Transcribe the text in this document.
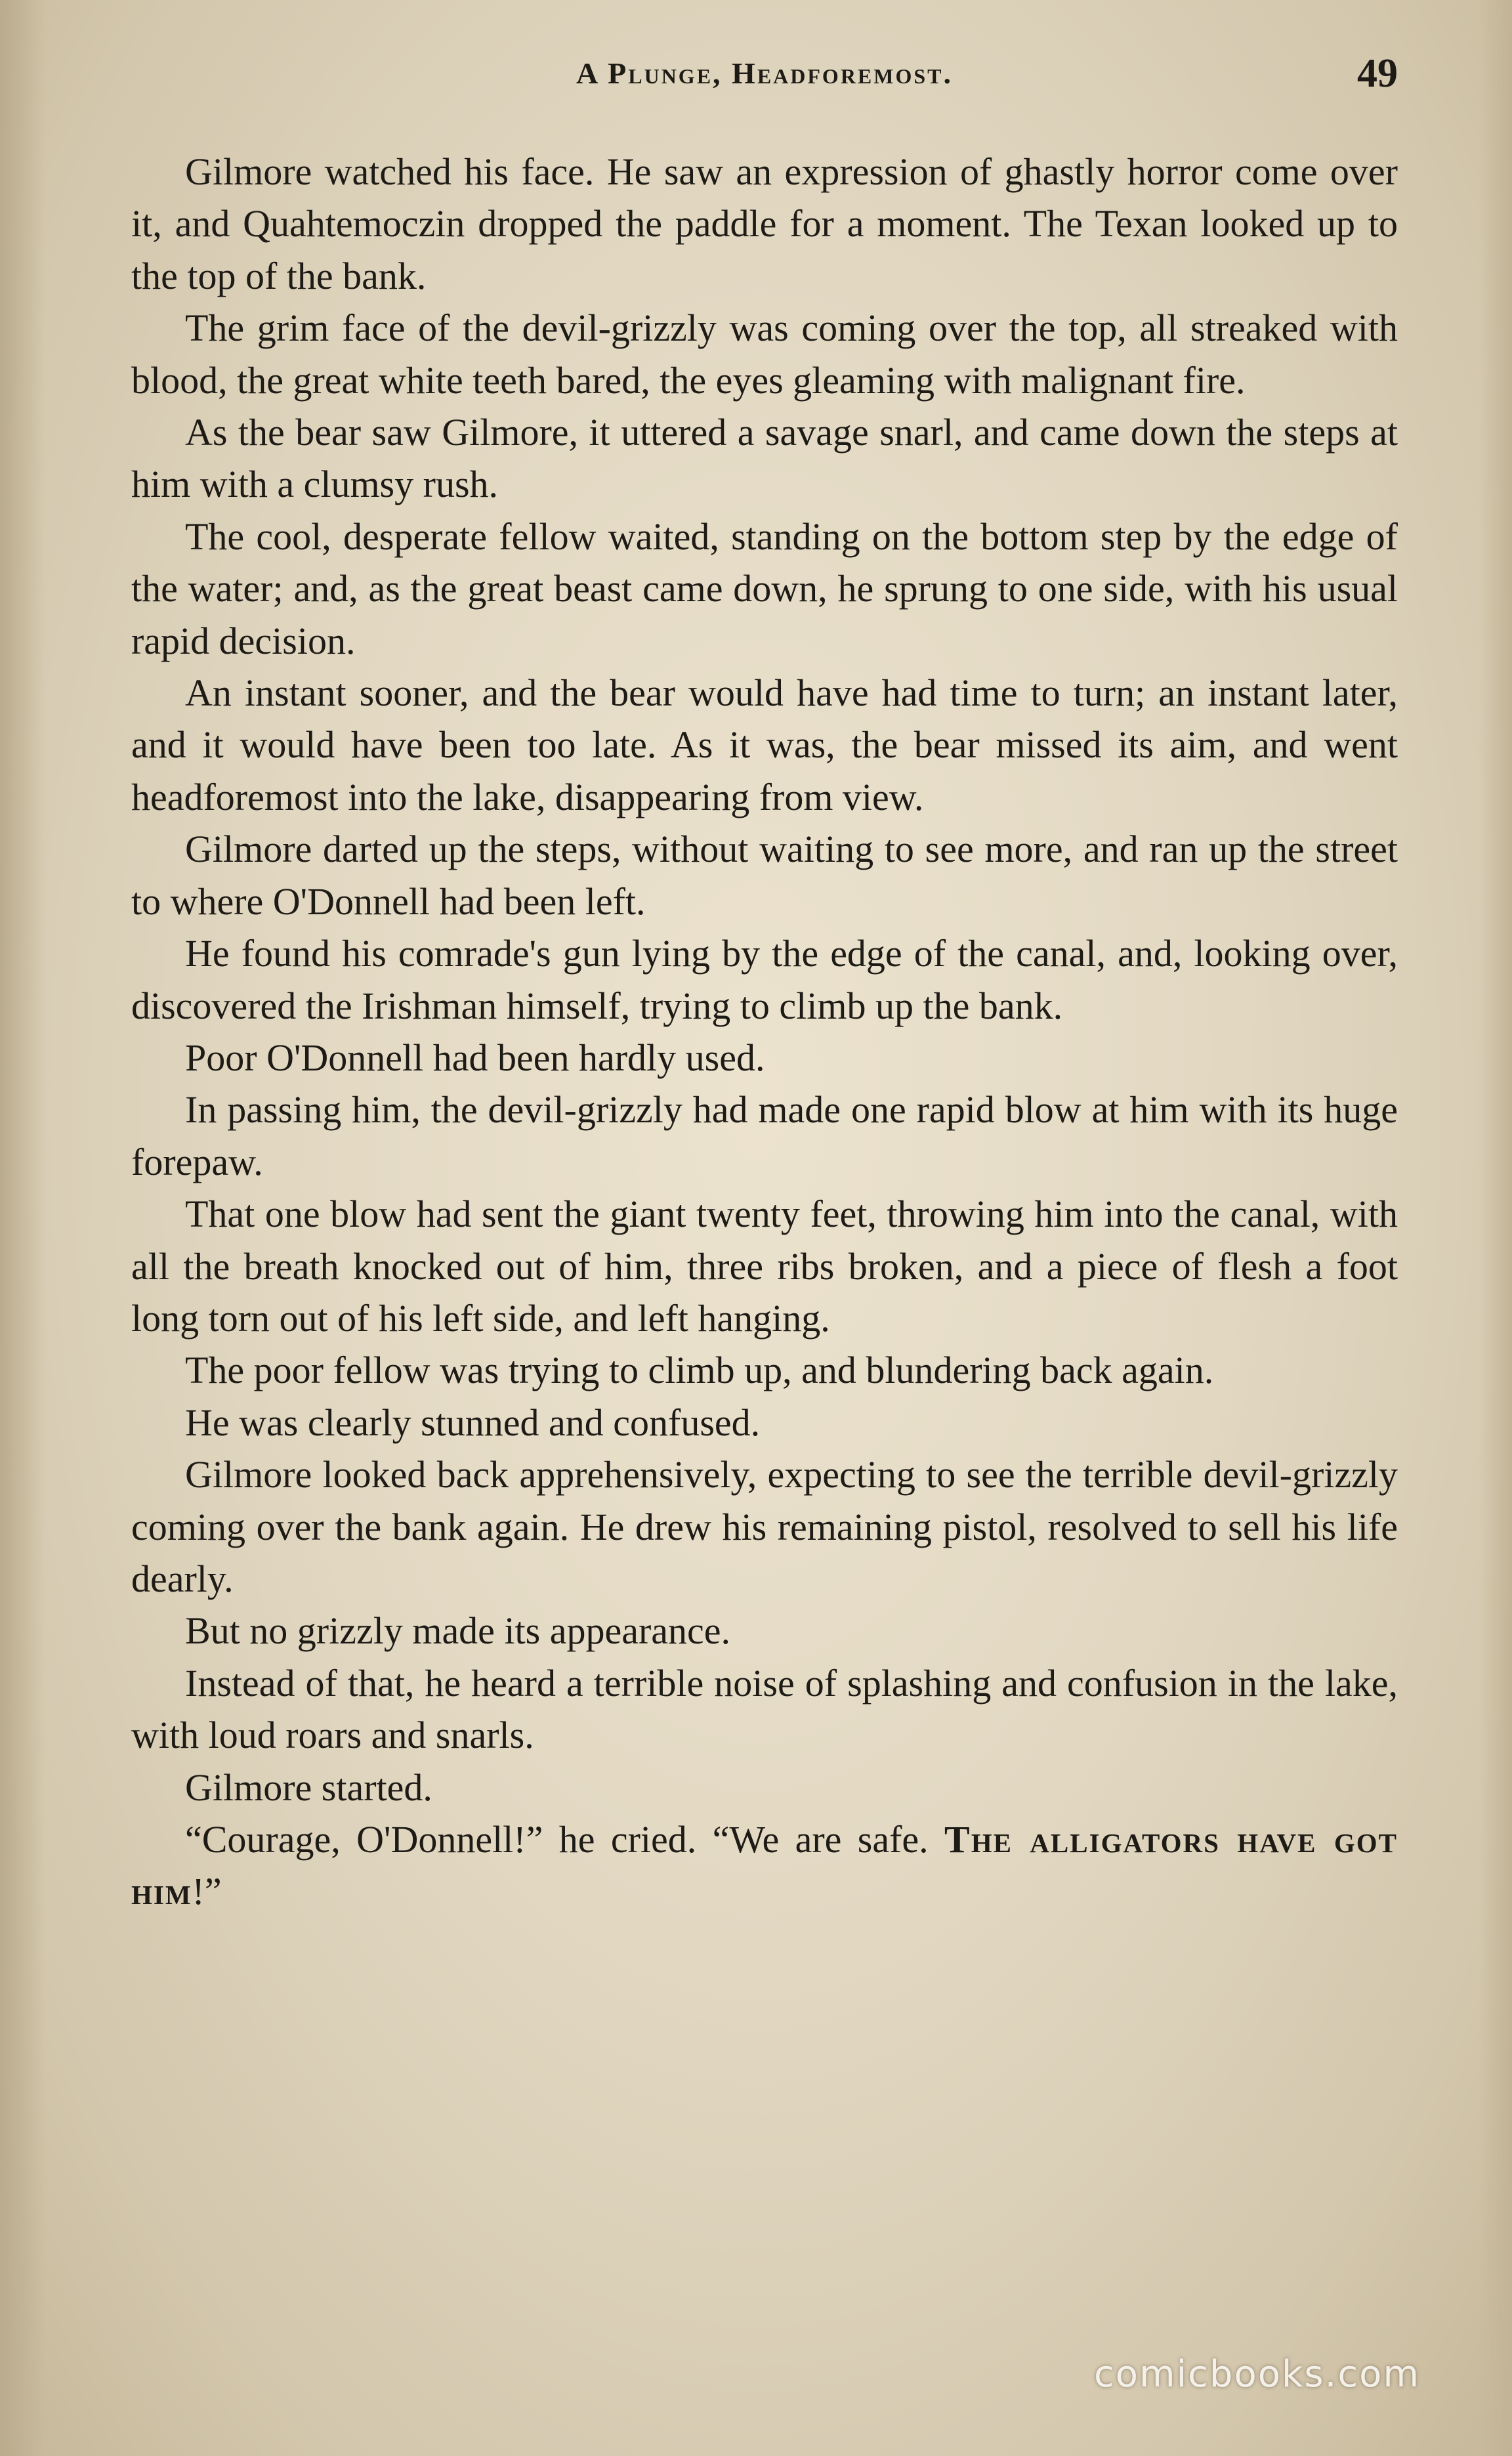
A Plunge, Headforemost.	49

Gilmore watched his face. He saw an expression of ghastly horror come over it, and Quahtemoczin dropped the paddle for a moment. The Texan looked up to the top of the bank.

The grim face of the devil-grizzly was coming over the top, all streaked with blood, the great white teeth bared, the eyes gleaming with malignant fire.

As the bear saw Gilmore, it uttered a savage snarl, and came down the steps at him with a clumsy rush.

The cool, desperate fellow waited, standing on the bottom step by the edge of the water; and, as the great beast came down, he sprung to one side, with his usual rapid decision.

An instant sooner, and the bear would have had time to turn; an instant later, and it would have been too late. As it was, the bear missed its aim, and went headforemost into the lake, disappearing from view.

Gilmore darted up the steps, without waiting to see more, and ran up the street to where O'Donnell had been left.

He found his comrade's gun lying by the edge of the canal, and, looking over, discovered the Irishman himself, trying to climb up the bank.

Poor O'Donnell had been hardly used.

In passing him, the devil-grizzly had made one rapid blow at him with its huge forepaw.

That one blow had sent the giant twenty feet, throwing him into the canal, with all the breath knocked out of him, three ribs broken, and a piece of flesh a foot long torn out of his left side, and left hanging.

The poor fellow was trying to climb up, and blundering back again.

He was clearly stunned and confused.

Gilmore looked back apprehensively, expecting to see the terrible devil-grizzly coming over the bank again. He drew his remaining pistol, resolved to sell his life dearly.

But no grizzly made its appearance.

Instead of that, he heard a terrible noise of splashing and confusion in the lake, with loud roars and snarls.

Gilmore started.

“Courage, O'Donnell!” he cried. “We are safe. The alligators have got him!”

comicbooks.com
